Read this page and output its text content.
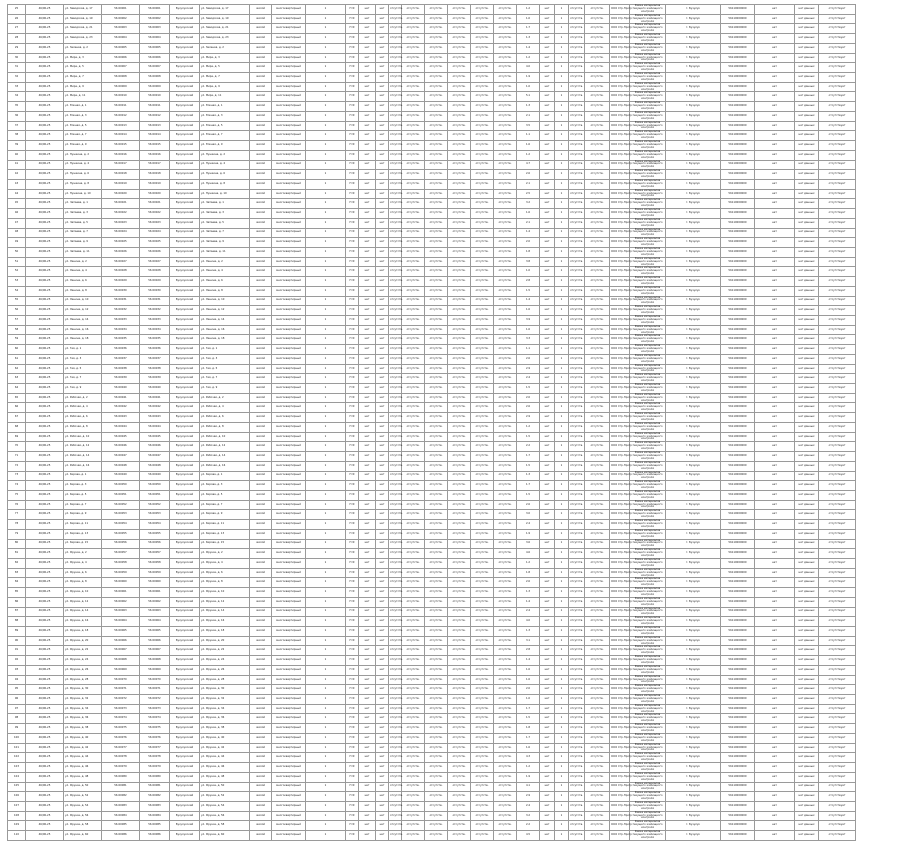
25	46/00-25	ул. Заводская, д. 17	56:00001	56:00001	Бузулукский	ул. Заводская, д. 17	жилой	многоквартирный	1	П Ф	нет	нет	отсутств.	отсутств.	отсутств.	отсутств.	отсутств.	отсутств.	1.2	нет	1	отсутств.	отсутств.	ООО Стр.Прогр.	Рамка материалов текущего жилищного контроля	г. Бузулук	56110000000	нет	нет данных	отсутствует
26	46/00-25	ул. Заводская, д. 19	56:00002	56:00002	Бузулукский	ул. Заводская, д. 19	жилой	многоквартирный	1	П Ф	нет	нет	отсутств.	отсутств.	отсутств.	отсутств.	отсутств.	отсутств.	1.0	нет	1	отсутств.	отсутств.	ООО Стр.Прогр.	Рамка материалов текущего жилищного контроля	г. Бузулук	56110000000	нет	нет данных	отсутствует
27	46/00-25	ул. Заводская, д. 21	56:00003	56:00003	Бузулукский	ул. Заводская, д. 21	жилой	многоквартирный	1	П Ф	нет	нет	отсутств.	отсутств.	отсутств.	отсутств.	отсутств.	отсутств.	1.7	нет	1	отсутств.	отсутств.	ООО Стр.Прогр.	Рамка материалов текущего жилищного контроля	г. Бузулук	56110000000	нет	нет данных	отсутствует
28	46/00-25	ул. Заводская, д. 23	56:00004	56:00004	Бузулукский	ул. Заводская, д. 23	жилой	многоквартирный	1	П Ф	нет	нет	отсутств.	отсутств.	отсутств.	отсутств.	отсутств.	отсутств.	1.3	нет	1	отсутств.	отсутств.	ООО Стр.Прогр.	Рамка материалов текущего жилищного контроля	г. Бузулук	56110000000	нет	нет данных	отсутствует
29	46/00-25	ул. Зеленая, д. 2	56:00005	56:00005	Бузулукский	ул. Зеленая, д. 2	жилой	многоквартирный	1	П Ф	нет	нет	отсутств.	отсутств.	отсутств.	отсутств.	отсутств.	отсутств.	1.4	нет	1	отсутств.	отсутств.	ООО Стр.Прогр.	Рамка материалов текущего жилищного контроля	г. Бузулук	56110000000	нет	нет данных	отсутствует
30	46/00-25	ул. Мира, д. 3	56:00006	56:00006	Бузулукский	ул. Мира, д. 3	жилой	многоквартирный	1	П Ф	нет	нет	отсутств.	отсутств.	отсутств.	отсутств.	отсутств.	отсутств.	1.2	нет	1	отсутств.	отсутств.	ООО Стр.Прогр.	Рамка материалов текущего жилищного контроля	г. Бузулук	56110000000	нет	нет данных	отсутствует
31	46/00-25	ул. Мира, д. 5	56:00007	56:00007	Бузулукский	ул. Мира, д. 5	жилой	многоквартирный	1	П Ф	нет	нет	отсутств.	отсутств.	отсутств.	отсутств.	отсутств.	отсутств.	4.0	нет	1	отсутств.	отсутств.	ООО Стр.Прогр.	Рамка материалов текущего жилищного контроля	г. Бузулук	56110000000	нет	нет данных	отсутствует
32	46/00-25	ул. Мира, д. 7	56:00008	56:00008	Бузулукский	ул. Мира, д. 7	жилой	многоквартирный	1	П Ф	нет	нет	отсутств.	отсутств.	отсутств.	отсутств.	отсутств.	отсутств.	1.9	нет	1	отсутств.	отсутств.	ООО Стр.Прогр.	Рамка материалов текущего жилищного контроля	г. Бузулук	56110000000	нет	нет данных	отсутствует
33	46/00-25	ул. Мира, д. 9	56:00009	56:00009	Бузулукский	ул. Мира, д. 9	жилой	многоквартирный	1	П Ф	нет	нет	отсутств.	отсутств.	отсутств.	отсутств.	отсутств.	отсутств.	1.0	нет	1	отсутств.	отсутств.	ООО Стр.Прогр.	Рамка материалов текущего жилищного контроля	г. Бузулук	56110000000	нет	нет данных	отсутствует
34	46/00-25	ул. Мира, д. 11	56:00010	56:00010	Бузулукский	ул. Мира, д. 11	жилой	многоквартирный	1	П Ф	нет	нет	отсутств.	отсутств.	отсутств.	отсутств.	отсутств.	отсутств.	5.1	нет	1	отсутств.	отсутств.	ООО Стр.Прогр.	Рамка материалов текущего жилищного контроля	г. Бузулук	56110000000	нет	нет данных	отсутствует
35	46/00-25	ул. Южная, д. 1	56:00011	56:00011	Бузулукский	ул. Южная, д. 1	жилой	многоквартирный	1	П Ф	нет	нет	отсутств.	отсутств.	отсутств.	отсутств.	отсутств.	отсутств.	1.3	нет	1	отсутств.	отсутств.	ООО Стр.Прогр.	Рамка материалов текущего жилищного контроля	г. Бузулук	56110000000	нет	нет данных	отсутствует
36	46/00-25	ул. Южная, д. 3	56:00012	56:00012	Бузулукский	ул. Южная, д. 3	жилой	многоквартирный	1	П Ф	нет	нет	отсутств.	отсутств.	отсутств.	отсутств.	отсутств.	отсутств.	2.1	нет	1	отсутств.	отсутств.	ООО Стр.Прогр.	Рамка материалов текущего жилищного контроля	г. Бузулук	56110000000	нет	нет данных	отсутствует
37	46/00-25	ул. Южная, д. 5	56:00013	56:00013	Бузулукский	ул. Южная, д. 5	жилой	многоквартирный	1	П Ф	нет	нет	отсутств.	отсутств.	отсутств.	отсутств.	отсутств.	отсутств.	3.5	нет	1	отсутств.	отсутств.	ООО Стр.Прогр.	Рамка материалов текущего жилищного контроля	г. Бузулук	56110000000	нет	нет данных	отсутствует
38	46/00-25	ул. Южная, д. 7	56:00014	56:00014	Бузулукский	ул. Южная, д. 7	жилой	многоквартирный	1	П Ф	нет	нет	отсутств.	отсутств.	отсутств.	отсутств.	отсутств.	отсутств.	1.1	нет	1	отсутств.	отсутств.	ООО Стр.Прогр.	Рамка материалов текущего жилищного контроля	г. Бузулук	56110000000	нет	нет данных	отсутствует
39	46/00-25	ул. Южная, д. 9	56:00015	56:00015	Бузулукский	ул. Южная, д. 9	жилой	многоквартирный	1	П Ф	нет	нет	отсутств.	отсутств.	отсутств.	отсутств.	отсутств.	отсутств.	1.6	нет	1	отсутств.	отсутств.	ООО Стр.Прогр.	Рамка материалов текущего жилищного контроля	г. Бузулук	56110000000	нет	нет данных	отсутствует
40	46/00-25	ул. Пушкина, д. 2	56:00016	56:00016	Бузулукский	ул. Пушкина, д. 2	жилой	многоквартирный	1	П Ф	нет	нет	отсутств.	отсутств.	отсутств.	отсутств.	отсутств.	отсутств.	1.2	нет	1	отсутств.	отсутств.	ООО Стр.Прогр.	Рамка материалов текущего жилищного контроля	г. Бузулук	56110000000	нет	нет данных	отсутствует
41	46/00-25	ул. Пушкина, д. 4	56:00017	56:00017	Бузулукский	ул. Пушкина, д. 4	жилой	многоквартирный	1	П Ф	нет	нет	отсутств.	отсутств.	отсутств.	отсутств.	отсутств.	отсутств.	4.7	нет	1	отсутств.	отсутств.	ООО Стр.Прогр.	Рамка материалов текущего жилищного контроля	г. Бузулук	56110000000	нет	нет данных	отсутствует
42	46/00-25	ул. Пушкина, д. 6	56:00018	56:00018	Бузулукский	ул. Пушкина, д. 6	жилой	многоквартирный	1	П Ф	нет	нет	отсутств.	отсутств.	отсутств.	отсутств.	отсутств.	отсутств.	2.6	нет	1	отсутств.	отсутств.	ООО Стр.Прогр.	Рамка материалов текущего жилищного контроля	г. Бузулук	56110000000	нет	нет данных	отсутствует
43	46/00-25	ул. Пушкина, д. 8	56:00019	56:00019	Бузулукский	ул. Пушкина, д. 8	жилой	многоквартирный	1	П Ф	нет	нет	отсутств.	отсутств.	отсутств.	отсутств.	отсутств.	отсутств.	2.1	нет	1	отсутств.	отсутств.	ООО Стр.Прогр.	Рамка материалов текущего жилищного контроля	г. Бузулук	56110000000	нет	нет данных	отсутствует
44	46/00-25	ул. Пушкина, д. 10	56:00020	56:00020	Бузулукский	ул. Пушкина, д. 10	жилой	многоквартирный	1	П Ф	нет	нет	отсутств.	отсутств.	отсутств.	отсутств.	отсутств.	отсутств.	2.5	нет	1	отсутств.	отсутств.	ООО Стр.Прогр.	Рамка материалов текущего жилищного контроля	г. Бузулук	56110000000	нет	нет данных	отсутствует
45	46/00-25	ул. Чапаева, д. 1	56:00021	56:00021	Бузулукский	ул. Чапаева, д. 1	жилой	многоквартирный	1	П Ф	нет	нет	отсутств.	отсутств.	отсутств.	отсутств.	отсутств.	отсутств.	3.2	нет	1	отсутств.	отсутств.	ООО Стр.Прогр.	Рамка материалов текущего жилищного контроля	г. Бузулук	56110000000	нет	нет данных	отсутствует
46	46/00-25	ул. Чапаева, д. 3	56:00022	56:00022	Бузулукский	ул. Чапаева, д. 3	жилой	многоквартирный	1	П Ф	нет	нет	отсутств.	отсутств.	отсутств.	отсутств.	отсутств.	отсутств.	1.6	нет	1	отсутств.	отсутств.	ООО Стр.Прогр.	Рамка материалов текущего жилищного контроля	г. Бузулук	56110000000	нет	нет данных	отсутствует
47	46/00-25	ул. Чапаева, д. 5	56:00023	56:00023	Бузулукский	ул. Чапаева, д. 5	жилой	многоквартирный	1	П Ф	нет	нет	отсутств.	отсутств.	отсутств.	отсутств.	отсутств.	отсутств.	2.1	нет	1	отсутств.	отсутств.	ООО Стр.Прогр.	Рамка материалов текущего жилищного контроля	г. Бузулук	56110000000	нет	нет данных	отсутствует
48	46/00-25	ул. Чапаева, д. 7	56:00024	56:00024	Бузулукский	ул. Чапаева, д. 7	жилой	многоквартирный	1	П Ф	нет	нет	отсутств.	отсутств.	отсутств.	отсутств.	отсутств.	отсутств.	1.4	нет	1	отсутств.	отсутств.	ООО Стр.Прогр.	Рамка материалов текущего жилищного контроля	г. Бузулук	56110000000	нет	нет данных	отсутствует
49	46/00-25	ул. Чапаева, д. 9	56:00025	56:00025	Бузулукский	ул. Чапаева, д. 9	жилой	многоквартирный	1	П Ф	нет	нет	отсутств.	отсутств.	отсутств.	отсутств.	отсутств.	отсутств.	2.0	нет	1	отсутств.	отсутств.	ООО Стр.Прогр.	Рамка материалов текущего жилищного контроля	г. Бузулук	56110000000	нет	нет данных	отсутствует
50	46/00-25	ул. Чапаева, д. 11	56:00026	56:00026	Бузулукский	ул. Чапаева, д. 11	жилой	многоквартирный	1	П Ф	нет	нет	отсутств.	отсутств.	отсутств.	отсутств.	отсутств.	отсутств.	1.8	нет	1	отсутств.	отсутств.	ООО Стр.Прогр.	Рамка материалов текущего жилищного контроля	г. Бузулук	56110000000	нет	нет данных	отсутствует
51	46/00-25	ул. Ленина, д. 2	56:00027	56:00027	Бузулукский	ул. Ленина, д. 2	жилой	многоквартирный	1	П Ф	нет	нет	отсутств.	отсутств.	отсутств.	отсутств.	отсутств.	отсутств.	3.8	нет	1	отсутств.	отсутств.	ООО Стр.Прогр.	Рамка материалов текущего жилищного контроля	г. Бузулук	56110000000	нет	нет данных	отсутствует
52	46/00-25	ул. Ленина, д. 4	56:00028	56:00028	Бузулукский	ул. Ленина, д. 4	жилой	многоквартирный	1	П Ф	нет	нет	отсутств.	отсутств.	отсутств.	отсутств.	отсутств.	отсутств.	1.0	нет	1	отсутств.	отсутств.	ООО Стр.Прогр.	Рамка материалов текущего жилищного контроля	г. Бузулук	56110000000	нет	нет данных	отсутствует
53	46/00-25	ул. Ленина, д. 6	56:00029	56:00029	Бузулукский	ул. Ленина, д. 6	жилой	многоквартирный	1	П Ф	нет	нет	отсутств.	отсутств.	отсутств.	отсутств.	отсутств.	отсутств.	2.8	нет	1	отсутств.	отсутств.	ООО Стр.Прогр.	Рамка материалов текущего жилищного контроля	г. Бузулук	56110000000	нет	нет данных	отсутствует
54	46/00-25	ул. Ленина, д. 8	56:00030	56:00030	Бузулукский	ул. Ленина, д. 8	жилой	многоквартирный	1	П Ф	нет	нет	отсутств.	отсутств.	отсутств.	отсутств.	отсутств.	отсутств.	1.5	нет	1	отсутств.	отсутств.	ООО Стр.Прогр.	Рамка материалов текущего жилищного контроля	г. Бузулук	56110000000	нет	нет данных	отсутствует
55	46/00-25	ул. Ленина, д. 10	56:00031	56:00031	Бузулукский	ул. Ленина, д. 10	жилой	многоквартирный	1	П Ф	нет	нет	отсутств.	отсутств.	отсутств.	отсутств.	отсутств.	отсутств.	1.4	нет	1	отсутств.	отсутств.	ООО Стр.Прогр.	Рамка материалов текущего жилищного контроля	г. Бузулук	56110000000	нет	нет данных	отсутствует
56	46/00-25	ул. Ленина, д. 12	56:00032	56:00032	Бузулукский	ул. Ленина, д. 12	жилой	многоквартирный	1	П Ф	нет	нет	отсутств.	отсутств.	отсутств.	отсутств.	отсутств.	отсутств.	1.6	нет	1	отсутств.	отсутств.	ООО Стр.Прогр.	Рамка материалов текущего жилищного контроля	г. Бузулук	56110000000	нет	нет данных	отсутствует
57	46/00-25	ул. Ленина, д. 14	56:00033	56:00033	Бузулукский	ул. Ленина, д. 14	жилой	многоквартирный	1	П Ф	нет	нет	отсутств.	отсутств.	отсутств.	отсутств.	отсутств.	отсутств.	3.9	нет	1	отсутств.	отсутств.	ООО Стр.Прогр.	Рамка материалов текущего жилищного контроля	г. Бузулук	56110000000	нет	нет данных	отсутствует
58	46/00-25	ул. Ленина, д. 16	56:00034	56:00034	Бузулукский	ул. Ленина, д. 16	жилой	многоквартирный	1	П Ф	нет	нет	отсутств.	отсутств.	отсутств.	отсутств.	отсутств.	отсутств.	1.6	нет	1	отсутств.	отсутств.	ООО Стр.Прогр.	Рамка материалов текущего жилищного контроля	г. Бузулук	56110000000	нет	нет данных	отсутствует
59	46/00-25	ул. Ленина, д. 18	56:00035	56:00035	Бузулукский	ул. Ленина, д. 18	жилой	многоквартирный	1	П Ф	нет	нет	отсутств.	отсутств.	отсутств.	отсутств.	отсутств.	отсутств.	3.3	нет	1	отсутств.	отсутств.	ООО Стр.Прогр.	Рамка материалов текущего жилищного контроля	г. Бузулук	56110000000	нет	нет данных	отсутствует
60	46/00-25	ул. Гая, д. 1	56:00036	56:00036	Бузулукский	ул. Гая, д. 1	жилой	многоквартирный	1	П Ф	нет	нет	отсутств.	отсутств.	отсутств.	отсутств.	отсутств.	отсутств.	1.1	нет	1	отсутств.	отсутств.	ООО Стр.Прогр.	Рамка материалов текущего жилищного контроля	г. Бузулук	56110000000	нет	нет данных	отсутствует
61	46/00-25	ул. Гая, д. 3	56:00037	56:00037	Бузулукский	ул. Гая, д. 3	жилой	многоквартирный	1	П Ф	нет	нет	отсутств.	отсутств.	отсутств.	отсутств.	отсутств.	отсутств.	2.6	нет	1	отсутств.	отсутств.	ООО Стр.Прогр.	Рамка материалов текущего жилищного контроля	г. Бузулук	56110000000	нет	нет данных	отсутствует
62	46/00-25	ул. Гая, д. 5	56:00038	56:00038	Бузулукский	ул. Гая, д. 5	жилой	многоквартирный	1	П Ф	нет	нет	отсутств.	отсутств.	отсутств.	отсутств.	отсутств.	отсутств.	2.9	нет	1	отсутств.	отсутств.	ООО Стр.Прогр.	Рамка материалов текущего жилищного контроля	г. Бузулук	56110000000	нет	нет данных	отсутствует
63	46/00-25	ул. Гая, д. 7	56:00039	56:00039	Бузулукский	ул. Гая, д. 7	жилой	многоквартирный	1	П Ф	нет	нет	отсутств.	отсутств.	отсутств.	отсутств.	отсутств.	отсутств.	2.4	нет	1	отсутств.	отсутств.	ООО Стр.Прогр.	Рамка материалов текущего жилищного контроля	г. Бузулук	56110000000	нет	нет данных	отсутствует
64	46/00-25	ул. Гая, д. 9	56:00040	56:00040	Бузулукский	ул. Гая, д. 9	жилой	многоквартирный	1	П Ф	нет	нет	отсутств.	отсутств.	отсутств.	отсутств.	отсутств.	отсутств.	1.5	нет	1	отсутств.	отсутств.	ООО Стр.Прогр.	Рамка материалов текущего жилищного контроля	г. Бузулук	56110000000	нет	нет данных	отсутствует
65	46/00-25	ул. Рабочая, д. 2	56:00041	56:00041	Бузулукский	ул. Рабочая, д. 2	жилой	многоквартирный	1	П Ф	нет	нет	отсутств.	отсутств.	отсутств.	отсутств.	отсутств.	отсутств.	2.0	нет	1	отсутств.	отсутств.	ООО Стр.Прогр.	Рамка материалов текущего жилищного контроля	г. Бузулук	56110000000	нет	нет данных	отсутствует
66	46/00-25	ул. Рабочая, д. 4	56:00042	56:00042	Бузулукский	ул. Рабочая, д. 4	жилой	многоквартирный	1	П Ф	нет	нет	отсутств.	отсутств.	отсутств.	отсутств.	отсутств.	отсутств.	2.6	нет	1	отсутств.	отсутств.	ООО Стр.Прогр.	Рамка материалов текущего жилищного контроля	г. Бузулук	56110000000	нет	нет данных	отсутствует
67	46/00-25	ул. Рабочая, д. 6	56:00043	56:00043	Бузулукский	ул. Рабочая, д. 6	жилой	многоквартирный	1	П Ф	нет	нет	отсутств.	отсутств.	отсутств.	отсутств.	отсутств.	отсутств.	2.9	нет	1	отсутств.	отсутств.	ООО Стр.Прогр.	Рамка материалов текущего жилищного контроля	г. Бузулук	56110000000	нет	нет данных	отсутствует
68	46/00-25	ул. Рабочая, д. 8	56:00044	56:00044	Бузулукский	ул. Рабочая, д. 8	жилой	многоквартирный	1	П Ф	нет	нет	отсутств.	отсутств.	отсутств.	отсутств.	отсутств.	отсутств.	1.2	нет	1	отсутств.	отсутств.	ООО Стр.Прогр.	Рамка материалов текущего жилищного контроля	г. Бузулук	56110000000	нет	нет данных	отсутствует
69	46/00-25	ул. Рабочая, д. 10	56:00045	56:00045	Бузулукский	ул. Рабочая, д. 10	жилой	многоквартирный	1	П Ф	нет	нет	отсутств.	отсутств.	отсутств.	отсутств.	отсутств.	отсутств.	1.5	нет	1	отсутств.	отсутств.	ООО Стр.Прогр.	Рамка материалов текущего жилищного контроля	г. Бузулук	56110000000	нет	нет данных	отсутствует
70	46/00-25	ул. Рабочая, д. 12	56:00046	56:00046	Бузулукский	ул. Рабочая, д. 12	жилой	многоквартирный	1	П Ф	нет	нет	отсутств.	отсутств.	отсутств.	отсутств.	отсутств.	отсутств.	2.2	нет	1	отсутств.	отсутств.	ООО Стр.Прогр.	Рамка материалов текущего жилищного контроля	г. Бузулук	56110000000	нет	нет данных	отсутствует
71	46/00-25	ул. Рабочая, д. 14	56:00047	56:00047	Бузулукский	ул. Рабочая, д. 14	жилой	многоквартирный	1	П Ф	нет	нет	отсутств.	отсутств.	отсутств.	отсутств.	отсутств.	отсутств.	1.7	нет	1	отсутств.	отсутств.	ООО Стр.Прогр.	Рамка материалов текущего жилищного контроля	г. Бузулук	56110000000	нет	нет данных	отсутствует
72	46/00-25	ул. Рабочая, д. 16	56:00048	56:00048	Бузулукский	ул. Рабочая, д. 16	жилой	многоквартирный	1	П Ф	нет	нет	отсутств.	отсутств.	отсутств.	отсутств.	отсутств.	отсутств.	1.5	нет	1	отсутств.	отсутств.	ООО Стр.Прогр.	Рамка материалов текущего жилищного контроля	г. Бузулук	56110000000	нет	нет данных	отсутствует
73	46/00-25	ул. Кирова, д. 1	56:00049	56:00049	Бузулукский	ул. Кирова, д. 1	жилой	многоквартирный	1	П Ф	нет	нет	отсутств.	отсутств.	отсутств.	отсутств.	отсутств.	отсутств.	1.3	нет	1	отсутств.	отсутств.	ООО Стр.Прогр.	Рамка материалов текущего жилищного контроля	г. Бузулук	56110000000	нет	нет данных	отсутствует
74	46/00-25	ул. Кирова, д. 3	56:00050	56:00050	Бузулукский	ул. Кирова, д. 3	жилой	многоквартирный	1	П Ф	нет	нет	отсутств.	отсутств.	отсутств.	отсутств.	отсутств.	отсутств.	1.7	нет	1	отсутств.	отсутств.	ООО Стр.Прогр.	Рамка материалов текущего жилищного контроля	г. Бузулук	56110000000	нет	нет данных	отсутствует
75	46/00-25	ул. Кирова, д. 5	56:00051	56:00051	Бузулукский	ул. Кирова, д. 5	жилой	многоквартирный	1	П Ф	нет	нет	отсутств.	отсутств.	отсутств.	отсутств.	отсутств.	отсутств.	1.5	нет	1	отсутств.	отсутств.	ООО Стр.Прогр.	Рамка материалов текущего жилищного контроля	г. Бузулук	56110000000	нет	нет данных	отсутствует
76	46/00-25	ул. Кирова, д. 7	56:00052	56:00052	Бузулукский	ул. Кирова, д. 7	жилой	многоквартирный	1	П Ф	нет	нет	отсутств.	отсутств.	отсутств.	отсутств.	отсутств.	отсутств.	2.6	нет	1	отсутств.	отсутств.	ООО Стр.Прогр.	Рамка материалов текущего жилищного контроля	г. Бузулук	56110000000	нет	нет данных	отсутствует
77	46/00-25	ул. Кирова, д. 9	56:00053	56:00053	Бузулукский	ул. Кирова, д. 9	жилой	многоквартирный	1	П Ф	нет	нет	отсутств.	отсутств.	отсутств.	отсутств.	отсутств.	отсутств.	3.0	нет	1	отсутств.	отсутств.	ООО Стр.Прогр.	Рамка материалов текущего жилищного контроля	г. Бузулук	56110000000	нет	нет данных	отсутствует
78	46/00-25	ул. Кирова, д. 11	56:00054	56:00054	Бузулукский	ул. Кирова, д. 11	жилой	многоквартирный	1	П Ф	нет	нет	отсутств.	отсутств.	отсутств.	отсутств.	отсутств.	отсутств.	2.4	нет	1	отсутств.	отсутств.	ООО Стр.Прогр.	Рамка материалов текущего жилищного контроля	г. Бузулук	56110000000	нет	нет данных	отсутствует
79	46/00-25	ул. Кирова, д. 13	56:00055	56:00055	Бузулукский	ул. Кирова, д. 13	жилой	многоквартирный	1	П Ф	нет	нет	отсутств.	отсутств.	отсутств.	отсутств.	отсутств.	отсутств.	1.9	нет	1	отсутств.	отсутств.	ООО Стр.Прогр.	Рамка материалов текущего жилищного контроля	г. Бузулук	56110000000	нет	нет данных	отсутствует
80	46/00-25	ул. Кирова, д. 15	56:00056	56:00056	Бузулукский	ул. Кирова, д. 15	жилой	многоквартирный	1	П Ф	нет	нет	отсутств.	отсутств.	отсутств.	отсутств.	отсутств.	отсутств.	3.6	нет	1	отсутств.	отсутств.	ООО Стр.Прогр.	Рамка материалов текущего жилищного контроля	г. Бузулук	56110000000	нет	нет данных	отсутствует
81	46/00-25	ул. Фрунзе, д. 2	56:00057	56:00057	Бузулукский	ул. Фрунзе, д. 2	жилой	многоквартирный	1	П Ф	нет	нет	отсутств.	отсутств.	отсутств.	отсутств.	отсутств.	отсутств.	4.6	нет	1	отсутств.	отсутств.	ООО Стр.Прогр.	Рамка материалов текущего жилищного контроля	г. Бузулук	56110000000	нет	нет данных	отсутствует
82	46/00-25	ул. Фрунзе, д. 4	56:00058	56:00058	Бузулукский	ул. Фрунзе, д. 4	жилой	многоквартирный	1	П Ф	нет	нет	отсутств.	отсутств.	отсутств.	отсутств.	отсутств.	отсутств.	1.2	нет	1	отсутств.	отсутств.	ООО Стр.Прогр.	Рамка материалов текущего жилищного контроля	г. Бузулук	56110000000	нет	нет данных	отсутствует
83	46/00-25	ул. Фрунзе, д. 6	56:00059	56:00059	Бузулукский	ул. Фрунзе, д. 6	жилой	многоквартирный	1	П Ф	нет	нет	отсутств.	отсутств.	отсутств.	отсутств.	отсутств.	отсутств.	1.8	нет	1	отсутств.	отсутств.	ООО Стр.Прогр.	Рамка материалов текущего жилищного контроля	г. Бузулук	56110000000	нет	нет данных	отсутствует
84	46/00-25	ул. Фрунзе, д. 8	56:00060	56:00060	Бузулукский	ул. Фрунзе, д. 8	жилой	многоквартирный	1	П Ф	нет	нет	отсутств.	отсутств.	отсутств.	отсутств.	отсутств.	отсутств.	2.6	нет	1	отсутств.	отсутств.	ООО Стр.Прогр.	Рамка материалов текущего жилищного контроля	г. Бузулук	56110000000	нет	нет данных	отсутствует
85	46/00-25	ул. Фрунзе, д. 10	56:00061	56:00061	Бузулукский	ул. Фрунзе, д. 10	жилой	многоквартирный	1	П Ф	нет	нет	отсутств.	отсутств.	отсутств.	отсутств.	отсутств.	отсутств.	1.3	нет	1	отсутств.	отсутств.	ООО Стр.Прогр.	Рамка материалов текущего жилищного контроля	г. Бузулук	56110000000	нет	нет данных	отсутствует
86	46/00-25	ул. Фрунзе, д. 12	56:00062	56:00062	Бузулукский	ул. Фрунзе, д. 12	жилой	многоквартирный	1	П Ф	нет	нет	отсутств.	отсутств.	отсутств.	отсутств.	отсутств.	отсутств.	1.4	нет	1	отсутств.	отсутств.	ООО Стр.Прогр.	Рамка материалов текущего жилищного контроля	г. Бузулук	56110000000	нет	нет данных	отсутствует
87	46/00-25	ул. Фрунзе, д. 14	56:00063	56:00063	Бузулукский	ул. Фрунзе, д. 14	жилой	многоквартирный	1	П Ф	нет	нет	отсутств.	отсутств.	отсутств.	отсутств.	отсутств.	отсутств.	2.4	нет	1	отсутств.	отсутств.	ООО Стр.Прогр.	Рамка материалов текущего жилищного контроля	г. Бузулук	56110000000	нет	нет данных	отсутствует
88	46/00-25	ул. Фрунзе, д. 16	56:00064	56:00064	Бузулукский	ул. Фрунзе, д. 16	жилой	многоквартирный	1	П Ф	нет	нет	отсутств.	отсутств.	отсутств.	отсутств.	отсутств.	отсутств.	4.0	нет	1	отсутств.	отсутств.	ООО Стр.Прогр.	Рамка материалов текущего жилищного контроля	г. Бузулук	56110000000	нет	нет данных	отсутствует
89	46/00-25	ул. Фрунзе, д. 18	56:00065	56:00065	Бузулукский	ул. Фрунзе, д. 18	жилой	многоквартирный	1	П Ф	нет	нет	отсутств.	отсутств.	отсутств.	отсутств.	отсутств.	отсутств.	1.3	нет	1	отсутств.	отсутств.	ООО Стр.Прогр.	Рамка материалов текущего жилищного контроля	г. Бузулук	56110000000	нет	нет данных	отсутствует
90	46/00-25	ул. Фрунзе, д. 20	56:00066	56:00066	Бузулукский	ул. Фрунзе, д. 20	жилой	многоквартирный	1	П Ф	нет	нет	отсутств.	отсутств.	отсутств.	отсутств.	отсутств.	отсутств.	3.1	нет	1	отсутств.	отсутств.	ООО Стр.Прогр.	Рамка материалов текущего жилищного контроля	г. Бузулук	56110000000	нет	нет данных	отсутствует
91	46/00-25	ул. Фрунзе, д. 22	56:00067	56:00067	Бузулукский	ул. Фрунзе, д. 22	жилой	многоквартирный	1	П Ф	нет	нет	отсутств.	отсутств.	отсутств.	отсутств.	отсутств.	отсутств.	2.8	нет	1	отсутств.	отсутств.	ООО Стр.Прогр.	Рамка материалов текущего жилищного контроля	г. Бузулук	56110000000	нет	нет данных	отсутствует
92	46/00-25	ул. Фрунзе, д. 24	56:00068	56:00068	Бузулукский	ул. Фрунзе, д. 24	жилой	многоквартирный	1	П Ф	нет	нет	отсутств.	отсутств.	отсутств.	отсутств.	отсутств.	отсутств.	1.4	нет	1	отсутств.	отсутств.	ООО Стр.Прогр.	Рамка материалов текущего жилищного контроля	г. Бузулук	56110000000	нет	нет данных	отсутствует
93	46/00-25	ул. Фрунзе, д. 26	56:00069	56:00069	Бузулукский	ул. Фрунзе, д. 26	жилой	многоквартирный	1	П Ф	нет	нет	отсутств.	отсутств.	отсутств.	отсутств.	отсутств.	отсутств.	1.6	нет	1	отсутств.	отсутств.	ООО Стр.Прогр.	Рамка материалов текущего жилищного контроля	г. Бузулук	56110000000	нет	нет данных	отсутствует
94	46/00-25	ул. Фрунзе, д. 28	56:00070	56:00070	Бузулукский	ул. Фрунзе, д. 28	жилой	многоквартирный	1	П Ф	нет	нет	отсутств.	отсутств.	отсутств.	отсутств.	отсутств.	отсутств.	1.6	нет	1	отсутств.	отсутств.	ООО Стр.Прогр.	Рамка материалов текущего жилищного контроля	г. Бузулук	56110000000	нет	нет данных	отсутствует
95	46/00-25	ул. Фрунзе, д. 30	56:00071	56:00071	Бузулукский	ул. Фрунзе, д. 30	жилой	многоквартирный	1	П Ф	нет	нет	отсутств.	отсутств.	отсутств.	отсутств.	отсутств.	отсутств.	2.0	нет	1	отсутств.	отсутств.	ООО Стр.Прогр.	Рамка материалов текущего жилищного контроля	г. Бузулук	56110000000	нет	нет данных	отсутствует
96	46/00-25	ул. Фрунзе, д. 32	56:00072	56:00072	Бузулукский	ул. Фрунзе, д. 32	жилой	многоквартирный	1	П Ф	нет	нет	отсутств.	отсутств.	отсутств.	отсутств.	отсутств.	отсутств.	1.0	нет	1	отсутств.	отсутств.	ООО Стр.Прогр.	Рамка материалов текущего жилищного контроля	г. Бузулук	56110000000	нет	нет данных	отсутствует
97	46/00-25	ул. Фрунзе, д. 34	56:00073	56:00073	Бузулукский	ул. Фрунзе, д. 34	жилой	многоквартирный	1	П Ф	нет	нет	отсутств.	отсутств.	отсутств.	отсутств.	отсутств.	отсутств.	1.7	нет	1	отсутств.	отсутств.	ООО Стр.Прогр.	Рамка материалов текущего жилищного контроля	г. Бузулук	56110000000	нет	нет данных	отсутствует
98	46/00-25	ул. Фрунзе, д. 36	56:00074	56:00074	Бузулукский	ул. Фрунзе, д. 36	жилой	многоквартирный	1	П Ф	нет	нет	отсутств.	отсутств.	отсутств.	отсутств.	отсутств.	отсутств.	1.5	нет	1	отсутств.	отсутств.	ООО Стр.Прогр.	Рамка материалов текущего жилищного контроля	г. Бузулук	56110000000	нет	нет данных	отсутствует
99	46/00-25	ул. Фрунзе, д. 38	56:00075	56:00075	Бузулукский	ул. Фрунзе, д. 38	жилой	многоквартирный	1	П Ф	нет	нет	отсутств.	отсутств.	отсутств.	отсутств.	отсутств.	отсутств.	1.8	нет	1	отсутств.	отсутств.	ООО Стр.Прогр.	Рамка материалов текущего жилищного контроля	г. Бузулук	56110000000	нет	нет данных	отсутствует
100	46/00-25	ул. Фрунзе, д. 40	56:00076	56:00076	Бузулукский	ул. Фрунзе, д. 40	жилой	многоквартирный	1	П Ф	нет	нет	отсутств.	отсутств.	отсутств.	отсутств.	отсутств.	отсутств.	1.7	нет	1	отсутств.	отсутств.	ООО Стр.Прогр.	Рамка материалов текущего жилищного контроля	г. Бузулук	56110000000	нет	нет данных	отсутствует
101	46/00-25	ул. Фрунзе, д. 42	56:00077	56:00077	Бузулукский	ул. Фрунзе, д. 42	жилой	многоквартирный	1	П Ф	нет	нет	отсутств.	отсутств.	отсутств.	отсутств.	отсутств.	отсутств.	1.6	нет	1	отсутств.	отсутств.	ООО Стр.Прогр.	Рамка материалов текущего жилищного контроля	г. Бузулук	56110000000	нет	нет данных	отсутствует
102	46/00-25	ул. Фрунзе, д. 44	56:00078	56:00078	Бузулукский	ул. Фрунзе, д. 44	жилой	многоквартирный	1	П Ф	нет	нет	отсутств.	отсутств.	отсутств.	отсутств.	отсутств.	отсутств.	4.3	нет	1	отсутств.	отсутств.	ООО Стр.Прогр.	Рамка материалов текущего жилищного контроля	г. Бузулук	56110000000	нет	нет данных	отсутствует
103	46/00-25	ул. Фрунзе, д. 46	56:00079	56:00079	Бузулукский	ул. Фрунзе, д. 46	жилой	многоквартирный	1	П Ф	нет	нет	отсутств.	отсутств.	отсутств.	отсутств.	отсутств.	отсутств.	1.2	нет	1	отсутств.	отсутств.	ООО Стр.Прогр.	Рамка материалов текущего жилищного контроля	г. Бузулук	56110000000	нет	нет данных	отсутствует
104	46/00-25	ул. Фрунзе, д. 48	56:00080	56:00080	Бузулукский	ул. Фрунзе, д. 48	жилой	многоквартирный	1	П Ф	нет	нет	отсутств.	отсутств.	отсутств.	отсутств.	отсутств.	отсутств.	1.9	нет	1	отсутств.	отсутств.	ООО Стр.Прогр.	Рамка материалов текущего жилищного контроля	г. Бузулук	56110000000	нет	нет данных	отсутствует
105	46/00-25	ул. Фрунзе, д. 50	56:00081	56:00081	Бузулукский	ул. Фрунзе, д. 50	жилой	многоквартирный	1	П Ф	нет	нет	отсутств.	отсутств.	отсутств.	отсутств.	отсутств.	отсутств.	4.1	нет	1	отсутств.	отсутств.	ООО Стр.Прогр.	Рамка материалов текущего жилищного контроля	г. Бузулук	56110000000	нет	нет данных	отсутствует
106	46/00-25	ул. Фрунзе, д. 52	56:00082	56:00082	Бузулукский	ул. Фрунзе, д. 52	жилой	многоквартирный	1	П Ф	нет	нет	отсутств.	отсутств.	отсутств.	отсутств.	отсутств.	отсутств.	2.9	нет	1	отсутств.	отсутств.	ООО Стр.Прогр.	Рамка материалов текущего жилищного контроля	г. Бузулук	56110000000	нет	нет данных	отсутствует
107	46/00-25	ул. Фрунзе, д. 54	56:00083	56:00083	Бузулукский	ул. Фрунзе, д. 54	жилой	многоквартирный	1	П Ф	нет	нет	отсутств.	отсутств.	отсутств.	отсутств.	отсутств.	отсутств.	2.4	нет	1	отсутств.	отсутств.	ООО Стр.Прогр.	Рамка материалов текущего жилищного контроля	г. Бузулук	56110000000	нет	нет данных	отсутствует
108	46/00-25	ул. Фрунзе, д. 56	56:00084	56:00084	Бузулукский	ул. Фрунзе, д. 56	жилой	многоквартирный	1	П Ф	нет	нет	отсутств.	отсутств.	отсутств.	отсутств.	отсутств.	отсутств.	3.2	нет	1	отсутств.	отсутств.	ООО Стр.Прогр.	Рамка материалов текущего жилищного контроля	г. Бузулук	56110000000	нет	нет данных	отсутствует
109	46/00-25	ул. Фрунзе, д. 58	56:00085	56:00085	Бузулукский	ул. Фрунзе, д. 58	жилой	многоквартирный	1	П Ф	нет	нет	отсутств.	отсутств.	отсутств.	отсутств.	отсутств.	отсутств.	2.2	нет	1	отсутств.	отсутств.	ООО Стр.Прогр.	Рамка материалов текущего жилищного контроля	г. Бузулук	56110000000	нет	нет данных	отсутствует
110	46/00-25	ул. Фрунзе, д. 60	56:00086	56:00086	Бузулукский	ул. Фрунзе, д. 60	жилой	многоквартирный	1	П Ф	нет	нет	отсутств.	отсутств.	отсутств.	отсутств.	отсутств.	отсутств.	4.5	нет	1	отсутств.	отсутств.	ООО Стр.Прогр.	Рамка материалов текущего жилищного контроля	г. Бузулук	56110000000	нет	нет данных	отсутствует
